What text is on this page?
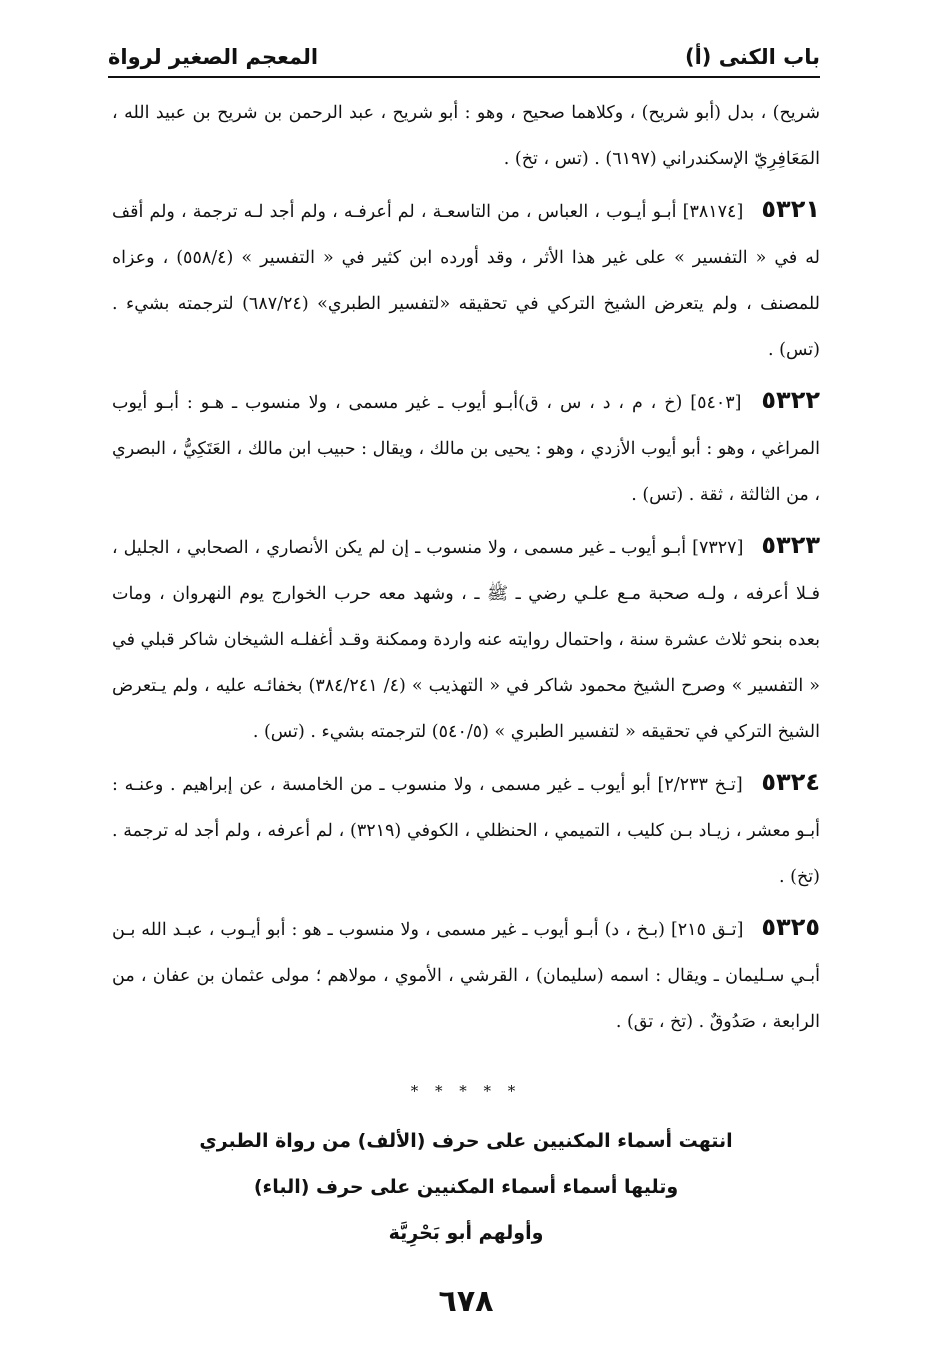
باب الكنى (أ)
المعجم الصغير لرواة

شريح) ، بدل (أبو شريح) ، وكلاهما صحيح ، وهو : أبو شريح ، عبد الرحمن بن شريح بن عبيد الله ، المَعَافِرِيّ الإسكندراني (٦١٩٧) . (تس ، تخ) .

٥٣٢١ [٣٨١٧٤] أبـو أيـوب ، العباس ، من التاسعـة ، لم أعرفـه ، ولم أجد لـه ترجمة ، ولم أقف له في « التفسير » على غير هذا الأثر ، وقد أورده ابن كثير في « التفسير » (٥٥٨/٤) ، وعزاه للمصنف ، ولم يتعرض الشيخ التركي في تحقيقه «لتفسير الطبري» (٦٨٧/٢٤) لترجمته بشيء . (تس) .

٥٣٢٢ [٥٤٠٣] (خ ، م ، د ، س ، ق)أبـو أيوب ـ غير مسمى ، ولا منسوب ـ هـو : أبـو أيوب المراغي ، وهو : أبو أيوب الأزدي ، وهو : يحيى بن مالك ، ويقال : حبيب ابن مالك ، العَتَكِيُّ ، البصري ، من الثالثة ، ثقة . (تس) .

٥٣٢٣ [٧٣٢٧] أبـو أيوب ـ غير مسمى ، ولا منسوب ـ إن لم يكن الأنصاري ، الصحابي ، الجليل ، فـلا أعرفه ، ولـه صحبة مـع علـي رضي ـ ﷺ ـ ، وشهد معه حرب الخوارج يوم النهروان ، ومات بعده بنحو ثلاث عشرة سنة ، واحتمال روايته عنه واردة وممكنة وقـد أغفلـه الشيخان شاكر قبلي في « التفسير » وصرح الشيخ محمود شاكر في « التهذيب » (٤/ ٣٨٤/٢٤١) بخفائـه عليه ، ولم يـتعرض الشيخ التركي في تحقيقه « لتفسير الطبري » (٥٤٠/٥) لترجمته بشيء . (تس) .

٥٣٢٤ [تـخ ٢/٢٣٣] أبو أيوب ـ غير مسمى ، ولا منسوب ـ من الخامسة ، عن إبراهيم . وعنـه : أبـو معشر ، زيـاد بـن كليب ، التميمي ، الحنظلي ، الكوفي (٣٢١٩) ، لم أعرفه ، ولم أجد له ترجمة . (تخ) .

٥٣٢٥ [تـق ٢١٥] (بـخ ، د) أبـو أيوب ـ غير مسمى ، ولا منسوب ـ هو : أبو أيـوب ، عبـد الله بـن أبـي سـليمان ـ ويقال : اسمه (سليمان) ، القرشي ، الأموي ، مولاهم ؛ مولى عثمان بن عفان ، من الرابعة ، صَدُوقٌ . (تخ ، تق) .

* * * * *
انتهت أسماء المكنيين على حرف (الألف) من رواة الطبري
وتليها أسماء أسماء المكنيين على حرف (الباء)
وأولهم أبو بَحْرِيَّة
٦٧٨
